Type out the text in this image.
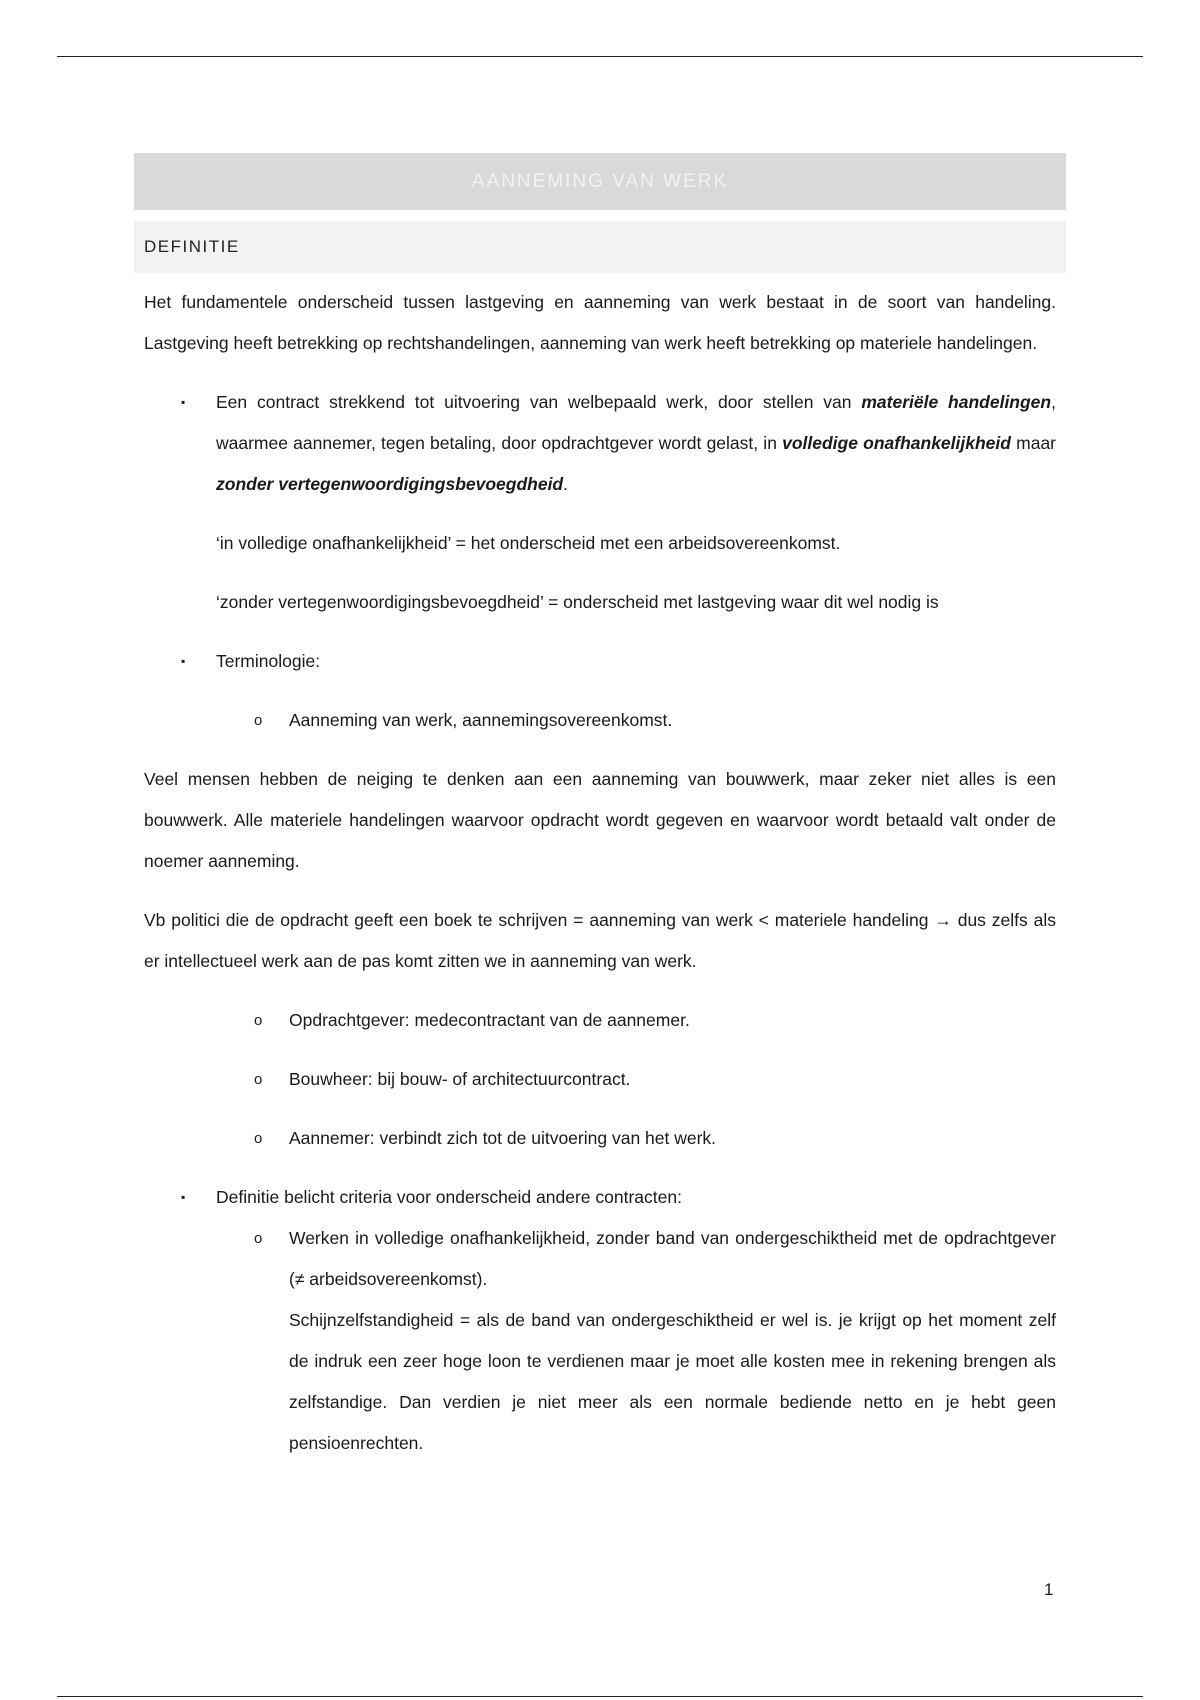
AANNEMING VAN WERK
DEFINITIE

Het fundamentele onderscheid tussen lastgeving en aanneming van werk bestaat in de soort van handeling. Lastgeving heeft betrekking op rechtshandelingen, aanneming van werk heeft betrekking op materiele handelingen.

▪ Een contract strekkend tot uitvoering van welbepaald werk, door stellen van materiële handelingen, waarmee aannemer, tegen betaling, door opdrachtgever wordt gelast, in volledige onafhankelijkheid maar zonder vertegenwoordigingsbevoegdheid.
‘in volledige onafhankelijkheid’ = het onderscheid met een arbeidsovereenkomst.
‘zonder vertegenwoordigingsbevoegdheid’ = onderscheid met lastgeving waar dit wel nodig is
▪ Terminologie:
o Aanneming van werk, aannemingsovereenkomst.

Veel mensen hebben de neiging te denken aan een aanneming van bouwwerk, maar zeker niet alles is een bouwwerk. Alle materiele handelingen waarvoor opdracht wordt gegeven en waarvoor wordt betaald valt onder de noemer aanneming.

Vb politici die de opdracht geeft een boek te schrijven = aanneming van werk < materiele handeling → dus zelfs als er intellectueel werk aan de pas komt zitten we in aanneming van werk.

o Opdrachtgever: medecontractant van de aannemer.
o Bouwheer: bij bouw- of architectuurcontract.
o Aannemer: verbindt zich tot de uitvoering van het werk.
▪ Definitie belicht criteria voor onderscheid andere contracten:
o Werken in volledige onafhankelijkheid, zonder band van ondergeschiktheid met de opdrachtgever (≠ arbeidsovereenkomst).
Schijnzelfstandigheid = als de band van ondergeschiktheid er wel is. je krijgt op het moment zelf de indruk een zeer hoge loon te verdienen maar je moet alle kosten mee in rekening brengen als zelfstandige. Dan verdien je niet meer als een normale bediende netto en je hebt geen pensioenrechten.
1
